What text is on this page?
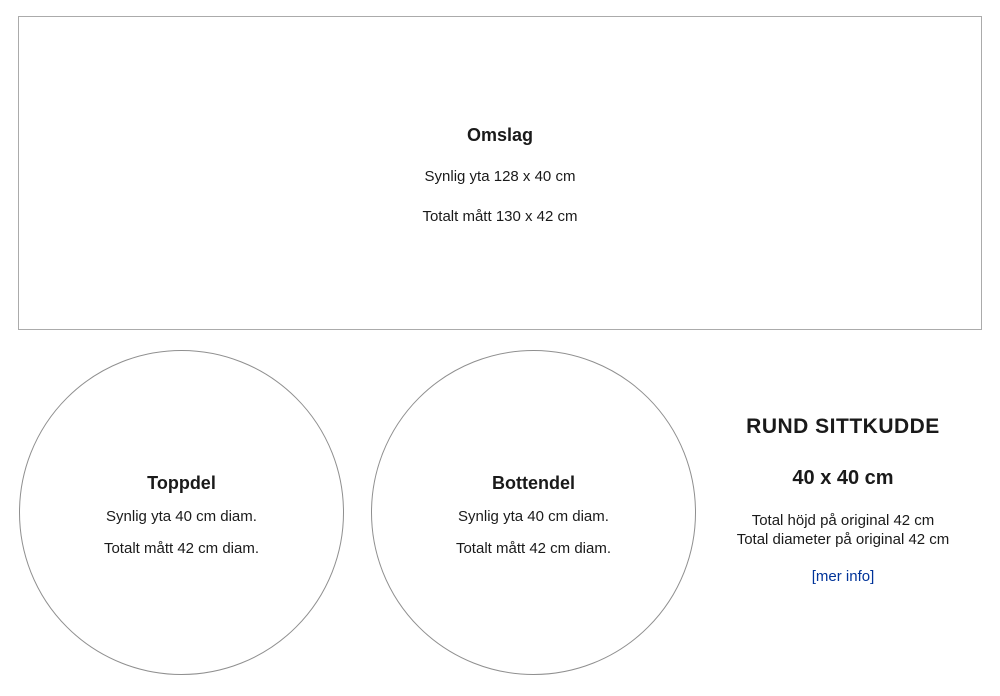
Omslag
Synlig yta 128 x 40 cm
Totalt mått 130 x 42 cm
Toppdel
Synlig yta 40 cm diam.
Totalt mått 42 cm diam.
Bottendel
Synlig yta 40 cm diam.
Totalt mått 42 cm diam.
RUND SITTKUDDE
40 x 40 cm
Total höjd på original 42 cm
Total diameter på original 42 cm
[mer info]
